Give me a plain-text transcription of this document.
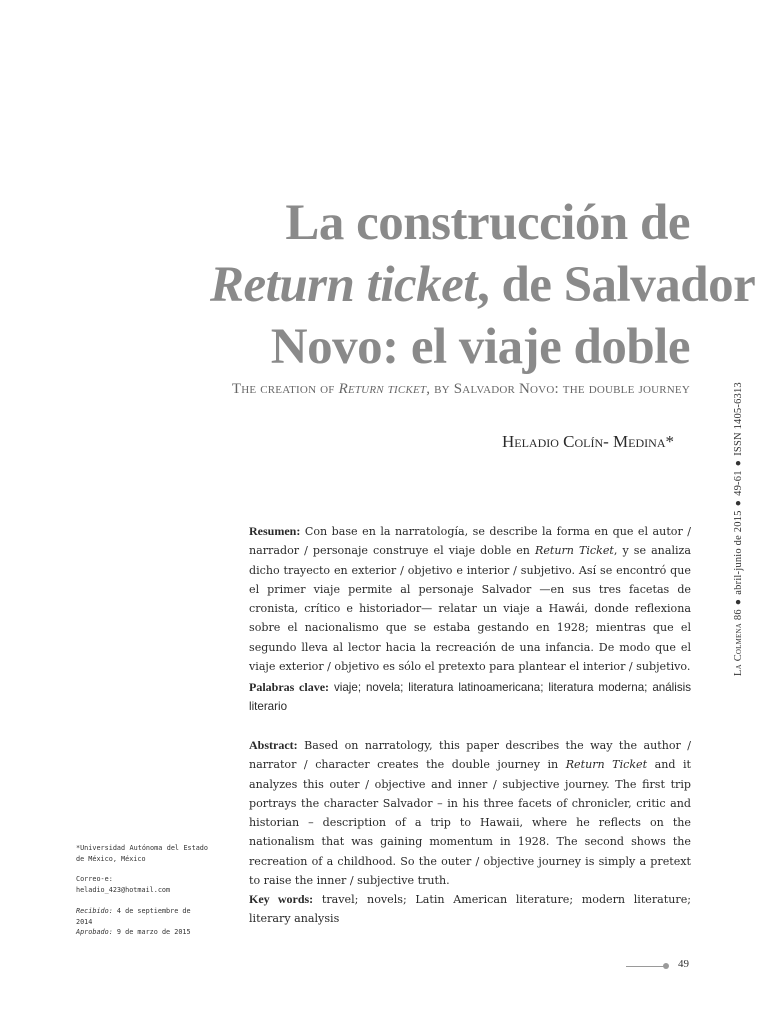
La construcción de
Return ticket, de Salvador
Novo: el viaje doble
The creation of Return ticket, by Salvador Novo: the double journey
Heladio Colín- Medina*
La Colmena 86●abril-junio de 2015●49-61●ISSN 1405-6313

Resumen: Con base en la narratología, se describe la forma en que el autor / narrador / personaje construye el viaje doble en Return Ticket, y se analiza dicho trayecto en exterior / objetivo e interior / subjetivo. Así se encontró que el primer viaje permite al personaje Salvador —en sus tres facetas de cronista, crítico e historiador— relatar un viaje a Hawái, donde reflexiona sobre el nacionalismo que se estaba gestando en 1928; mientras que el segundo lleva al lector hacia la recreación de una infancia. De modo que el viaje exterior / objetivo es sólo el pretexto para plantear el interior / subjetivo.

Palabras clave: viaje; novela; literatura latinoamericana; literatura moderna; análisis literario

Abstract: Based on narratology, this paper describes the way the author / narrator / character creates the double journey in Return Ticket and it analyzes this outer / objective and inner / subjective journey. The first trip portrays the character Salvador – in his three facets of chronicler, critic and historian – description of a trip to Hawaii, where he reflects on the nationalism that was gaining momentum in 1928. The second shows the recreation of a childhood. So the outer / objective journey is simply a pretext to raise the inner / subjective truth.

Key words: travel; novels; Latin American literature; modern literature; literary analysis

*Universidad Autónoma del Estado de México, México
Correo-e:
heladio_423@hotmail.com
Recibido: 4 de septiembre de 2014
Aprobado: 9 de marzo de 2015
49
